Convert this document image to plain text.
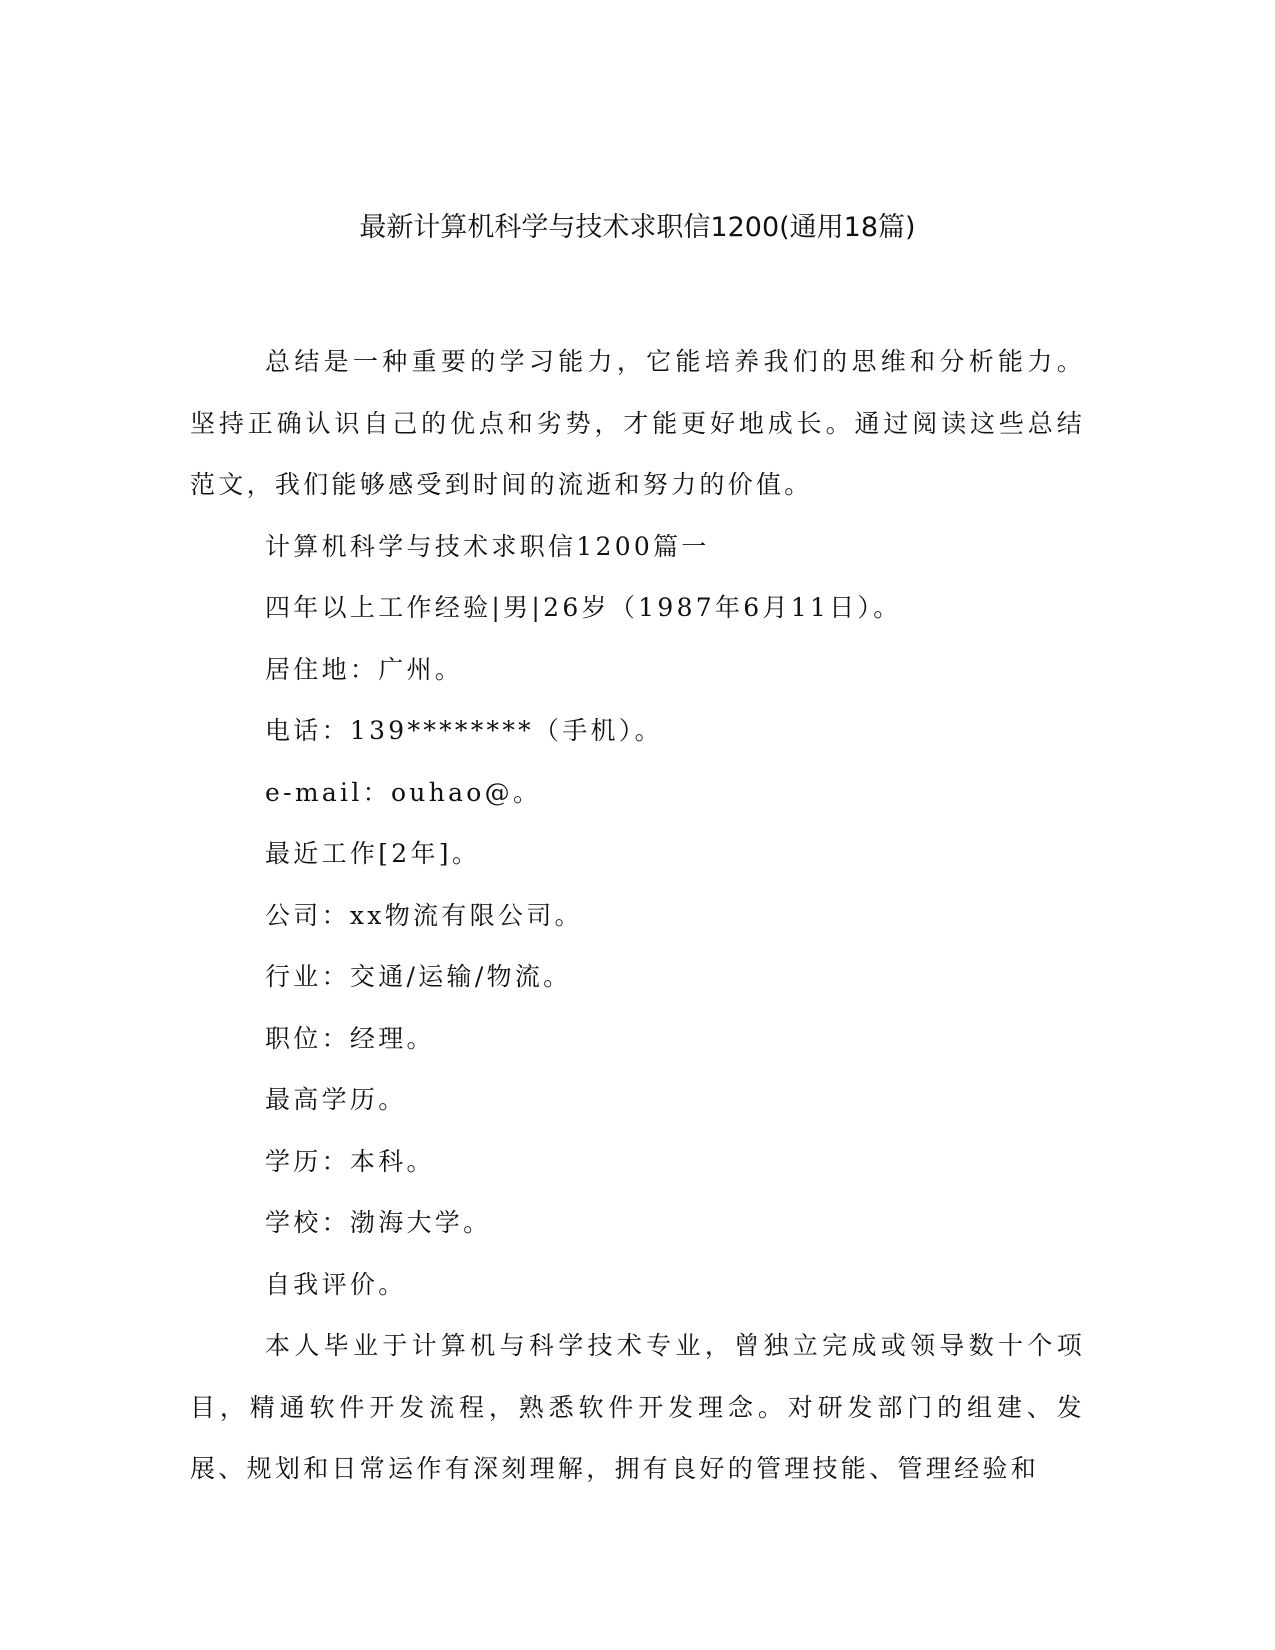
最新计算机科学与技术求职信1200(通用18篇)

总结是一种重要的学习能力，它能培养我们的思维和分析能力。坚持正确认识自己的优点和劣势，才能更好地成长。通过阅读这些总结范文，我们能够感受到时间的流逝和努力的价值。

计算机科学与技术求职信1200篇一

四年以上工作经验|男|26岁（1987年6月11日）。

居住地：广州。

电话：139********（手机）。

e-mail：ouhao@。

最近工作[2年]。

公司：xx物流有限公司。

行业：交通/运输/物流。

职位：经理。

最高学历。

学历：本科。

学校：渤海大学。

自我评价。

本人毕业于计算机与科学技术专业，曾独立完成或领导数十个项目，精通软件开发流程，熟悉软件开发理念。对研发部门的组建、发展、规划和日常运作有深刻理解，拥有良好的管理技能、管理经验和
